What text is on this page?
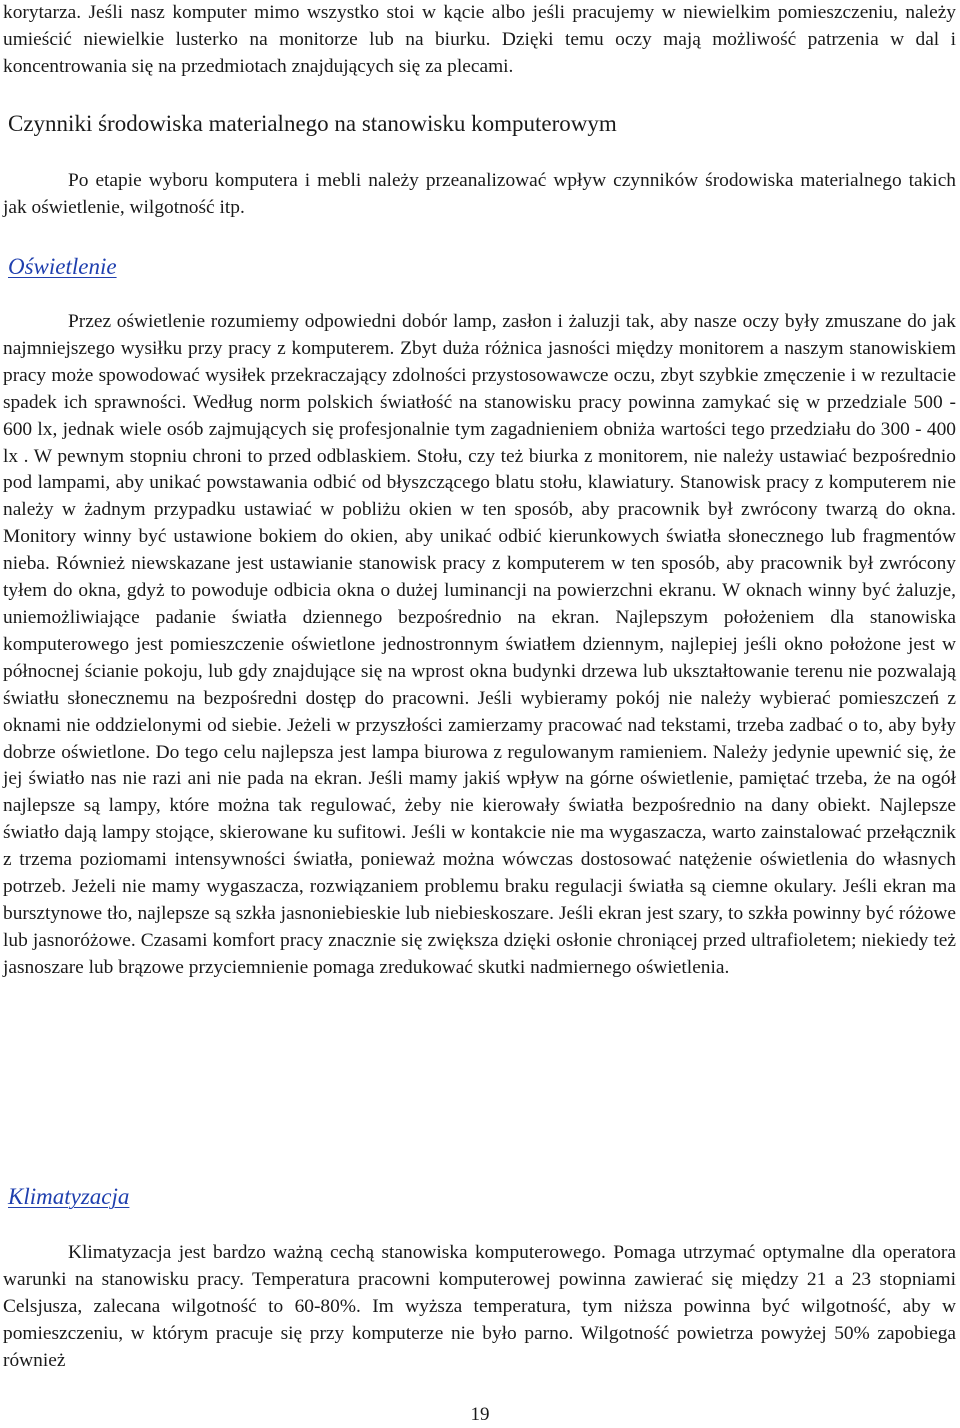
korytarza. Jeśli nasz komputer mimo wszystko stoi w kącie albo jeśli pracujemy w niewielkim pomieszczeniu, należy umieścić niewielkie lusterko na monitorze lub na biurku. Dzięki temu oczy mają możliwość patrzenia w dal i koncentrowania się na przedmiotach znajdujących się za plecami.

Czynniki środowiska materialnego na stanowisku komputerowym

Po etapie wyboru komputera i mebli należy przeanalizować wpływ czynników środowiska materialnego takich jak oświetlenie, wilgotność itp.

Oświetlenie

Przez oświetlenie rozumiemy odpowiedni dobór lamp, zasłon i żaluzji tak, aby nasze oczy były zmuszane do jak najmniejszego wysiłku przy pracy z komputerem. Zbyt duża różnica jasności między monitorem a naszym stanowiskiem pracy może spowodować wysiłek przekraczający zdolności przystosowawcze oczu, zbyt szybkie zmęczenie i w rezultacie spadek ich sprawności. Według norm polskich światłość na stanowisku pracy powinna zamykać się w przedziale 500 - 600 lx, jednak wiele osób zajmujących się profesjonalnie tym zagadnieniem obniża wartości tego przedziału do 300 - 400 lx . W pewnym stopniu chroni to przed odblaskiem. Stołu, czy też biurka z monitorem, nie należy ustawiać bezpośrednio pod lampami, aby unikać powstawania odbić od błyszczącego blatu stołu, klawiatury. Stanowisk pracy z komputerem nie należy w żadnym przypadku ustawiać w pobliżu okien w ten sposób, aby pracownik był zwrócony twarzą do okna. Monitory winny być ustawione bokiem do okien, aby unikać odbić kierunkowych światła słonecznego lub fragmentów nieba. Również niewskazane jest ustawianie stanowisk pracy z komputerem w ten sposób, aby pracownik był zwrócony tyłem do okna, gdyż to powoduje odbicia okna o dużej luminancji na powierzchni ekranu. W oknach winny być żaluzje, uniemożliwiające padanie światła dziennego bezpośrednio na ekran. Najlepszym położeniem dla stanowiska komputerowego jest pomieszczenie oświetlone jednostronnym światłem dziennym, najlepiej jeśli okno położone jest w północnej ścianie pokoju, lub gdy znajdujące się na wprost okna budynki drzewa lub ukształtowanie terenu nie pozwalają światłu słonecznemu na bezpośredni dostęp do pracowni. Jeśli wybieramy pokój nie należy wybierać pomieszczeń z oknami nie oddzielonymi od siebie. Jeżeli w przyszłości zamierzamy pracować nad tekstami, trzeba zadbać o to, aby były dobrze oświetlone. Do tego celu najlepsza jest lampa biurowa z regulowanym ramieniem. Należy jedynie upewnić się, że jej światło nas nie razi ani nie pada na ekran. Jeśli mamy jakiś wpływ na górne oświetlenie, pamiętać trzeba, że na ogół najlepsze są lampy, które można tak regulować, żeby nie kierowały światła bezpośrednio na dany obiekt. Najlepsze światło dają lampy stojące, skierowane ku sufitowi. Jeśli w kontakcie nie ma wygaszacza, warto zainstalować przełącznik z trzema poziomami intensywności światła, ponieważ można wówczas dostosować natężenie oświetlenia do własnych potrzeb. Jeżeli nie mamy wygaszacza, rozwiązaniem problemu braku regulacji światła są ciemne okulary. Jeśli ekran ma bursztynowe tło, najlepsze są szkła jasnoniebieskie lub niebieskoszare. Jeśli ekran jest szary, to szkła powinny być różowe lub jasnoróżowe. Czasami komfort pracy znacznie się zwiększa dzięki osłonie chroniącej przed ultrafioletem; niekiedy też jasnoszare lub brązowe przyciemnienie pomaga zredukować skutki nadmiernego oświetlenia.

Klimatyzacja

Klimatyzacja jest bardzo ważną cechą stanowiska komputerowego. Pomaga utrzymać optymalne dla operatora warunki na stanowisku pracy. Temperatura pracowni komputerowej powinna zawierać się między 21 a 23 stopniami Celsjusza, zalecana wilgotność to 60-80%. Im wyższa temperatura, tym niższa powinna być wilgotność, aby w pomieszczeniu, w którym pracuje się przy komputerze nie było parno. Wilgotność powietrza powyżej 50% zapobiega również

19
